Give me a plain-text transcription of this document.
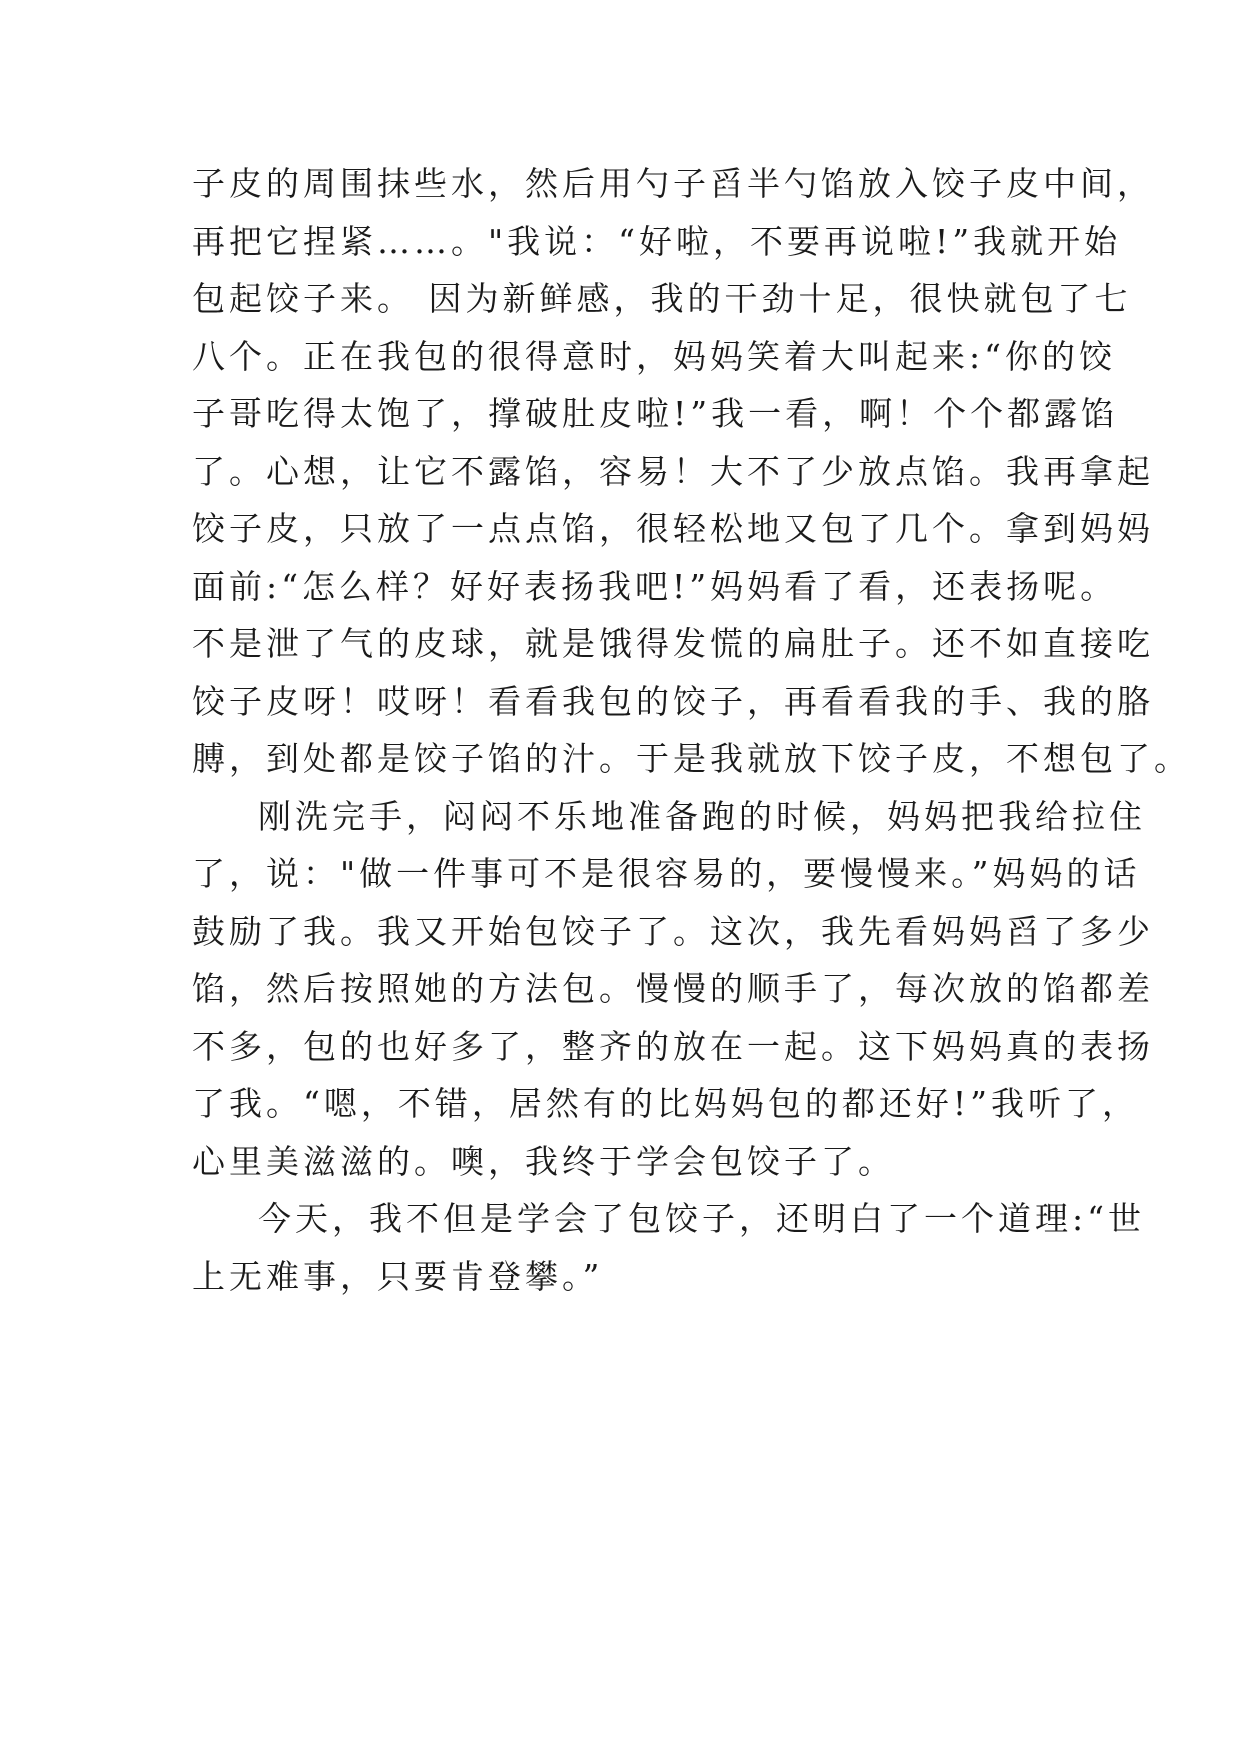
子皮的周围抹些水，然后用勺子舀半勺馅放入饺子皮中间，
再把它捏紧……。"我说：“好啦，不要再说啦!”我就开始
包起饺子来。 因为新鲜感，我的干劲十足，很快就包了七
八个。正在我包的很得意时，妈妈笑着大叫起来:“你的饺
子哥吃得太饱了，撑破肚皮啦!”我一看，啊！个个都露馅
了。心想，让它不露馅，容易！大不了少放点馅。我再拿起
饺子皮，只放了一点点馅，很轻松地又包了几个。拿到妈妈
面前:“怎么样？好好表扬我吧!”妈妈看了看，还表扬呢。
不是泄了气的皮球，就是饿得发慌的扁肚子。还不如直接吃
饺子皮呀！哎呀！看看我包的饺子，再看看我的手、我的胳
膊，到处都是饺子馅的汁。于是我就放下饺子皮，不想包了。
刚洗完手，闷闷不乐地准备跑的时候，妈妈把我给拉住
了，说："做一件事可不是很容易的，要慢慢来。”妈妈的话
鼓励了我。我又开始包饺子了。这次，我先看妈妈舀了多少
馅，然后按照她的方法包。慢慢的顺手了，每次放的馅都差
不多，包的也好多了，整齐的放在一起。这下妈妈真的表扬
了我。“嗯，不错，居然有的比妈妈包的都还好!”我听了，
心里美滋滋的。噢，我终于学会包饺子了。
今天，我不但是学会了包饺子，还明白了一个道理:“世
上无难事，只要肯登攀。”
